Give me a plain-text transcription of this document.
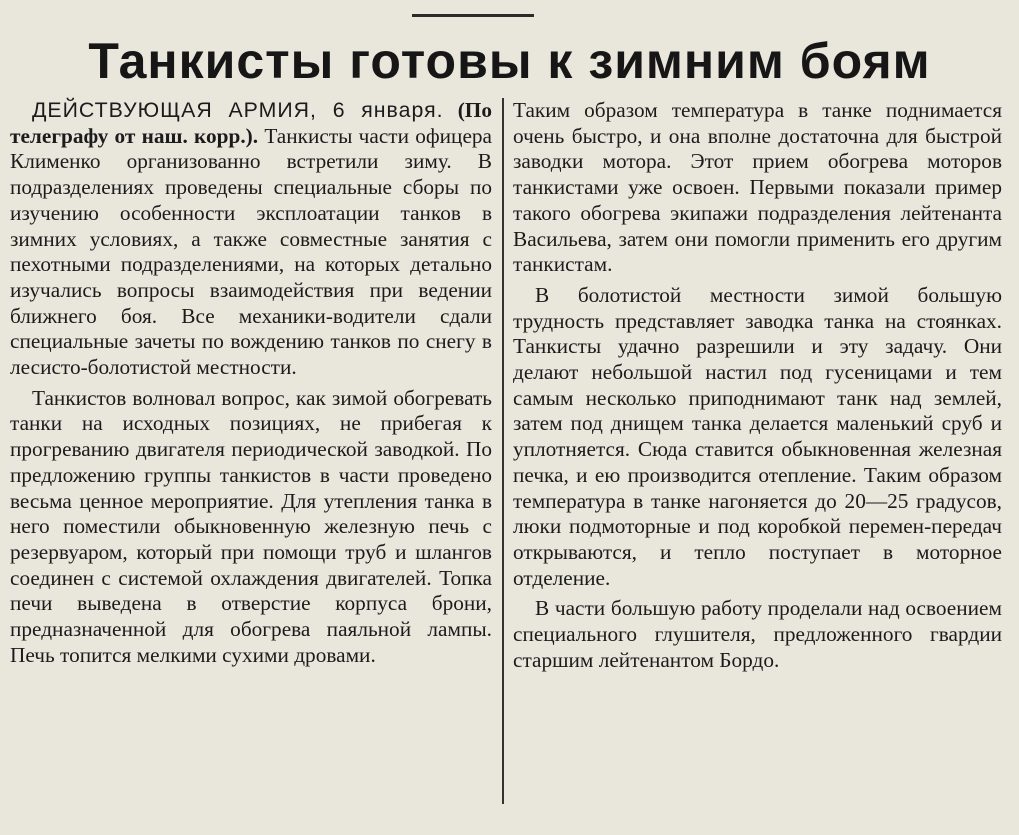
Танкисты готовы к зимним боям

ДЕЙСТВУЮЩАЯ АРМИЯ, 6 января. (По телеграфу от наш. корр.). Танкисты части офицера Клименко организованно встретили зиму. В подразделениях проведены специальные сборы по изучению особенности эксплоатации танков в зимних условиях, а также совместные занятия с пехотными подразделениями, на которых детально изучались вопросы взаимодействия при ведении ближнего боя. Все механики-водители сдали специальные зачеты по вождению танков по снегу в лесисто-болотистой местности.

Танкистов волновал вопрос, как зимой обогревать танки на исходных позициях, не прибегая к прогреванию двигателя периодической заводкой. По предложению группы танкистов в части проведено весьма ценное мероприятие. Для утепления танка в него поместили обыкновенную железную печь с резервуаром, который при помощи труб и шлангов соединен с системой охлаждения двигателей. Топка печи выведена в отверстие корпуса брони, предназначенной для обогрева паяльной лампы. Печь топится мелкими сухими дровами.

Таким образом температура в танке поднимается очень быстро, и она вполне достаточна для быстрой заводки мотора. Этот прием обогрева моторов танкистами уже освоен. Первыми показали пример такого обогрева экипажи подразделения лейтенанта Васильева, затем они помогли применить его другим танкистам.

В болотистой местности зимой большую трудность представляет заводка танка на стоянках. Танкисты удачно разрешили и эту задачу. Они делают небольшой настил под гусеницами и тем самым несколько приподнимают танк над землей, затем под днищем танка делается маленький сруб и уплотняется. Сюда ставится обыкновенная железная печка, и ею производится отепление. Таким образом температура в танке нагоняется до 20—25 градусов, люки подмоторные и под коробкой перемен-передач открываются, и тепло поступает в моторное отделение.

В части большую работу проделали над освоением специального глушителя, предложенного гвардии старшим лейтенантом Бордо.
